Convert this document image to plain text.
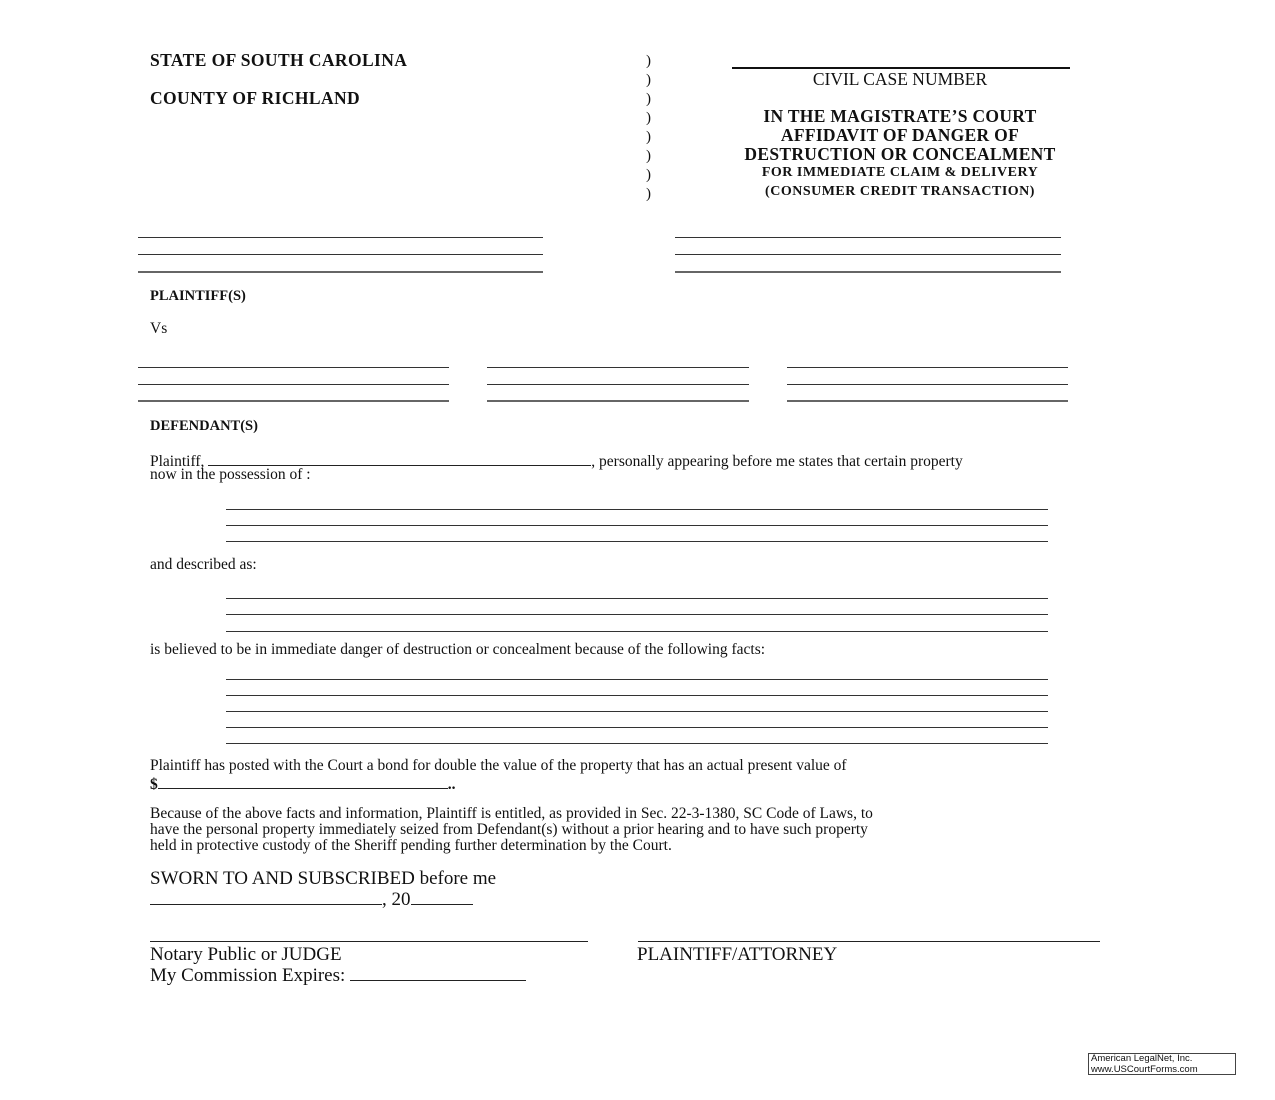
STATE OF SOUTH CAROLINA
COUNTY OF RICHLAND
)
)
)
)
)
)
)
)
CIVIL CASE NUMBER
IN THE MAGISTRATE’S COURT
AFFIDAVIT OF DANGER OF
DESTRUCTION OR CONCEALMENT
FOR IMMEDIATE CLAIM & DELIVERY
(CONSUMER CREDIT TRANSACTION)
PLAINTIFF(S)
Vs
DEFENDANT(S)
Plaintiff,	, personally appearing before me states that certain property
now in the possession of :
and described as:
is believed to be in immediate danger of destruction or concealment because of the following facts:
Plaintiff has posted with the Court a bond for double the value of the property that has an actual present value of
$	..
Because of the above facts and information, Plaintiff is entitled, as provided in Sec. 22-3-1380, SC Code of Laws, to
have the personal property immediately seized from Defendant(s) without a prior hearing and to have such property
held in protective custody of the Sheriff pending further determination by the Court.
SWORN TO AND SUBSCRIBED before me
, 20
Notary Public or JUDGE	PLAINTIFF/ATTORNEY
My Commission Expires:
American LegalNet, Inc.
www.USCourtForms.com
